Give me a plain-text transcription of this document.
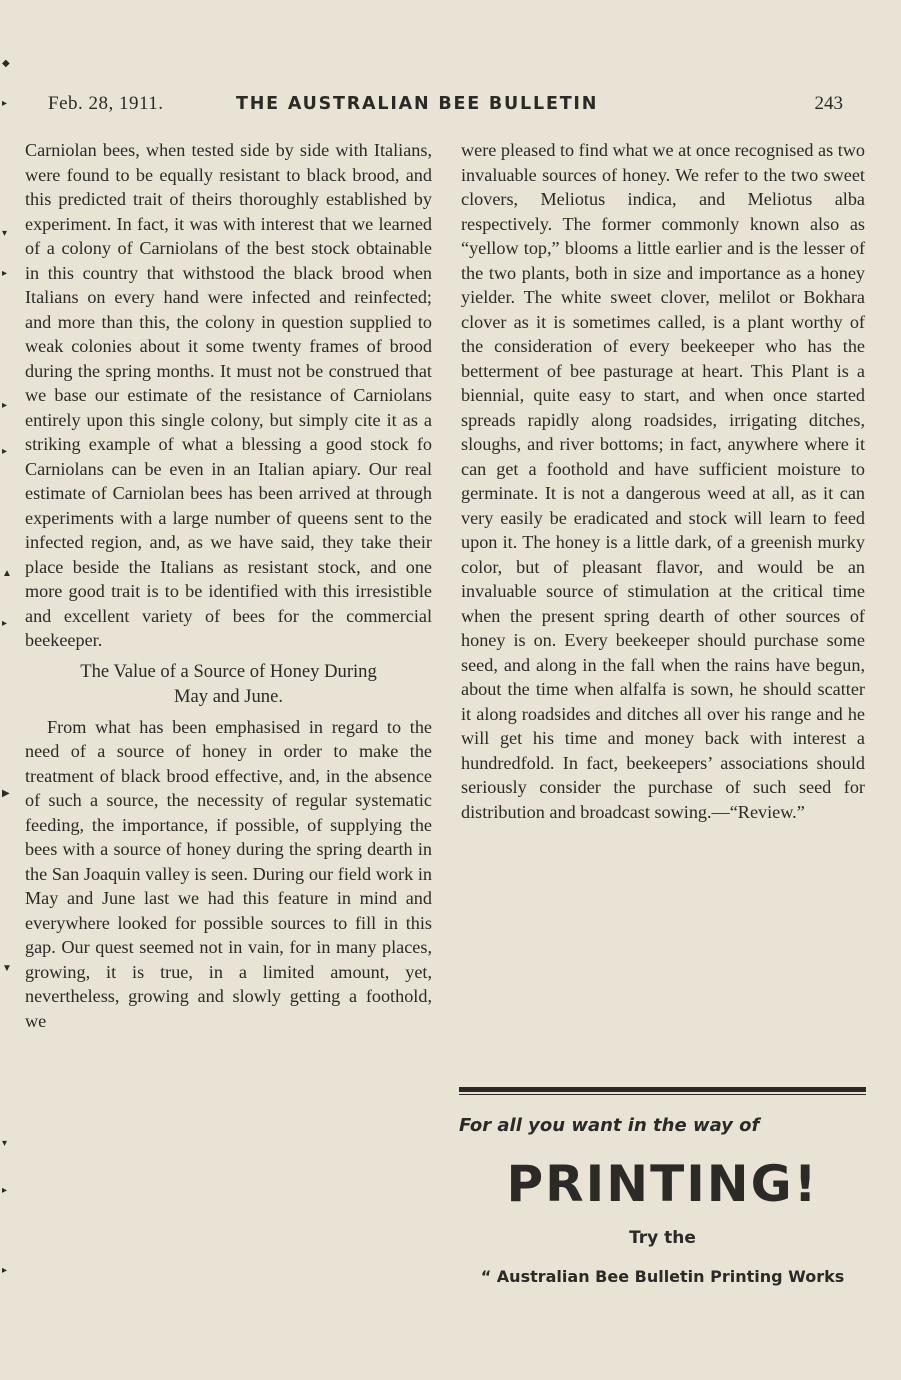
Feb. 28, 1911.	THE AUSTRALIAN BEE BULLETIN	243

Carniolan bees, when tested side by side with Italians, were found to be equally resistant to black brood, and this predicted trait of theirs thoroughly established by experiment. In fact, it was with interest that we learned of a colony of Carniolans of the best stock obtainable in this country that withstood the black brood when Italians on every hand were infected and reinfected; and more than this, the colony in question supplied to weak colonies about it some twenty frames of brood during the spring months. It must not be construed that we base our estimate of the resistance of Carniolans entirely upon this single colony, but simply cite it as a striking example of what a blessing a good stock fo Carniolans can be even in an Italian apiary. Our real estimate of Carniolan bees has been arrived at through experiments with a large number of queens sent to the infected region, and, as we have said, they take their place beside the Italians as resistant stock, and one more good trait is to be identified with this irresistible and excellent variety of bees for the commercial beekeeper.

The Value of a Source of Honey During
May and June.

From what has been emphasised in regard to the need of a source of honey in order to make the treatment of black brood effective, and, in the absence of such a source, the necessity of regular systematic feeding, the importance, if possible, of supplying the bees with a source of honey during the spring dearth in the San Joaquin valley is seen. During our field work in May and June last we had this feature in mind and everywhere looked for possible sources to fill in this gap. Our quest seemed not in vain, for in many places, growing, it is true, in a limited amount, yet, nevertheless, growing and slowly getting a foothold, we

were pleased to find what we at once recognised as two invaluable sources of honey. We refer to the two sweet clovers, Meliotus indica, and Meliotus alba respectively. The former commonly known also as “yellow top,” blooms a little earlier and is the lesser of the two plants, both in size and importance as a honey yielder. The white sweet clover, melilot or Bokhara clover as it is sometimes called, is a plant worthy of the consideration of every beekeeper who has the betterment of bee pasturage at heart. This Plant is a biennial, quite easy to start, and when once started spreads rapidly along roadsides, irrigating ditches, sloughs, and river bottoms; in fact, anywhere where it can get a foothold and have sufficient moisture to germinate. It is not a dangerous weed at all, as it can very easily be eradicated and stock will learn to feed upon it. The honey is a little dark, of a greenish murky color, but of pleasant flavor, and would be an invaluable source of stimulation at the critical time when the present spring dearth of other sources of honey is on. Every beekeeper should purchase some seed, and along in the fall when the rains have begun, about the time when alfalfa is sown, he should scatter it along roadsides and ditches all over his range and he will get his time and money back with interest a hundredfold. In fact, beekeepers’ associations should seriously consider the purchase of such seed for distribution and broadcast sowing.—“Review.”

For all you want in the way of
PRINTING!
Try the
“ Australian Bee Bulletin Printing Works
◆
▸
▾
▸
▸
▸
▲
▸
▶
▼
▾
▸
▸
